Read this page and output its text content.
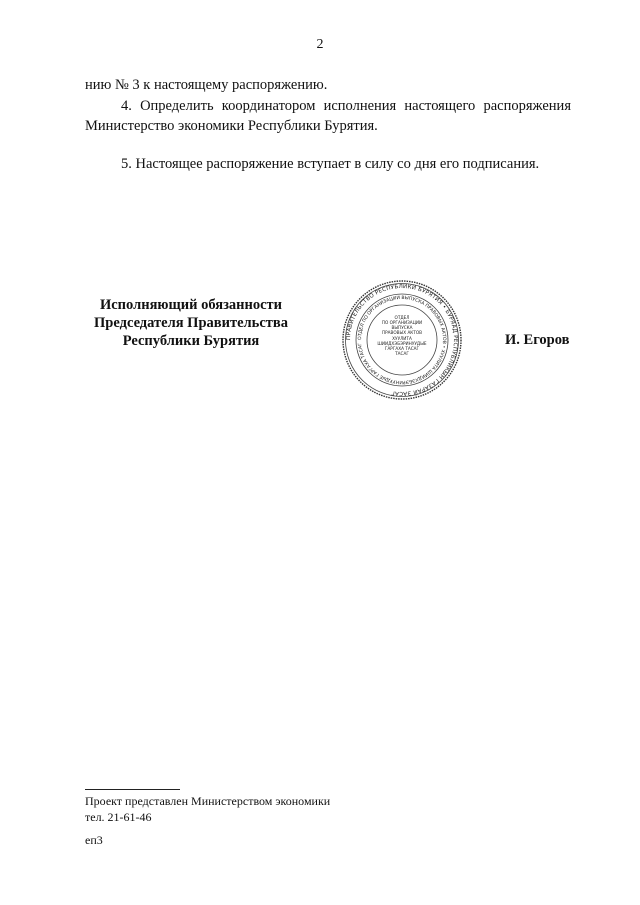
2
нию № 3 к настоящему распоряжению.
4. Определить координатором исполнения настоящего распоряжения
Министерство экономики Республики Бурятия.
5. Настоящее распоряжение вступает в силу со дня его подписания.
Исполняющий обязанности
Председателя Правительства
Республики Бурятия	ПРАВИТЕЛЬСТВО РЕСПУБЛИКИ БУРЯТИЯ • БУРЯАД РЕСПУБЛИКЫН ГАЗАРАЙ ЗАСАГ
ОТДЕЛ ПО ОРГАНИЗАЦИИ ВЫПУСКА ПРАВОВЫХ АКТОВ • ХУУЛИТА ШИИДХЭБЭРИНУУДЫЕ ГАРГАХА ТАСАГ
ОТДЕЛ
ПО ОРГАНИЗАЦИИ
ВЫПУСКА
ПРАВОВЫХ АКТОВ
ХУУЛИТА
ШИИДХЭБЭРИНУУДЫЕ
ГАРГАХА ТАСАГ
ТАСАГ
И. Егоров
Проект представлен Министерством экономики
тел. 21-61-46
еп3
